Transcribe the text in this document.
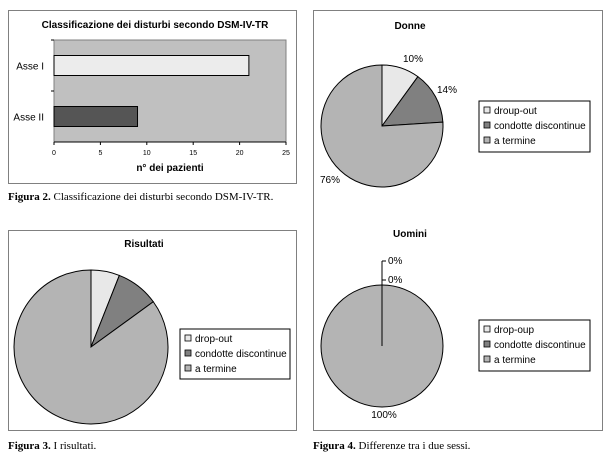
Figura 2. Classificazione dei disturbi secondo DSM-IV-TR.
Figura 3. I risultati.	Figura 4. Differenze tra i due sessi.
Classificazione dei disturbi secondo DSM-IV-TR
Asse I
Asse II
0	5	10	15	20	25
n° dei pazienti
Risultati
drop-out
condotte discontinue
a termine
Donne
10%
14%
76%
droup-out
condotte discontinue
a termine
Uomini
0%
0%
100%
drop-oup
condotte discontinue
a termine
